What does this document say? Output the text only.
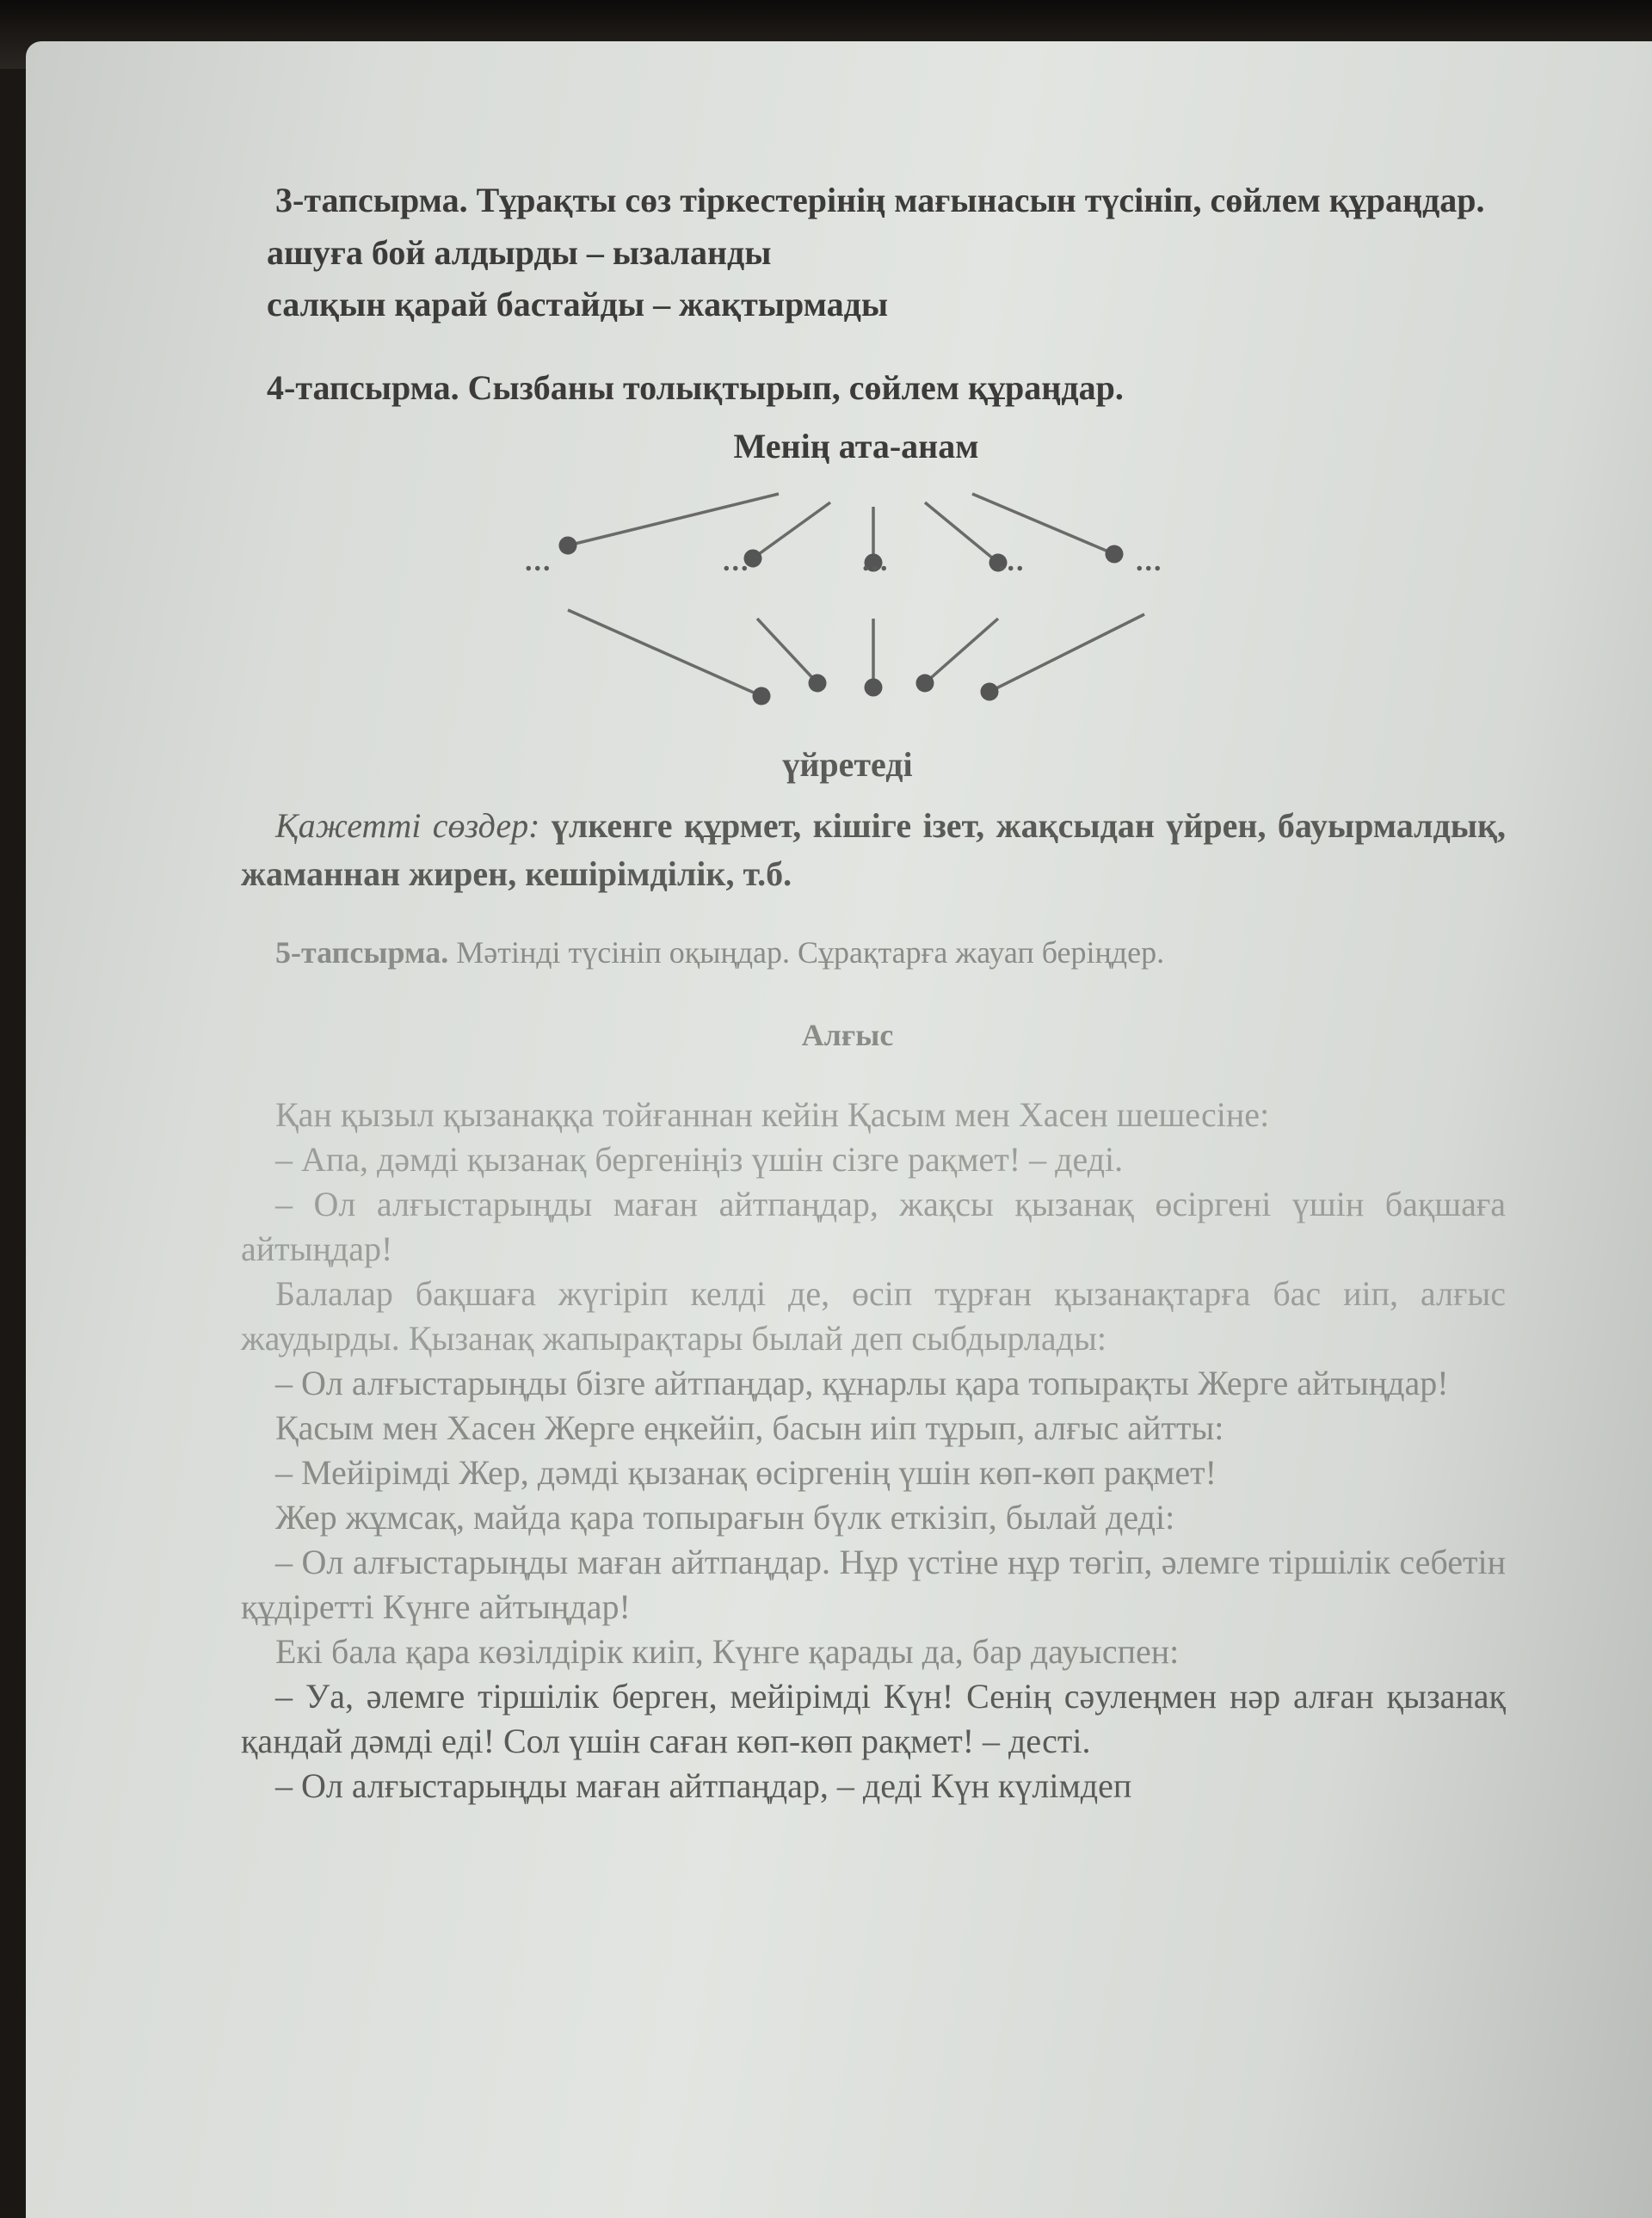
3-тапсырма. Тұрақты сөз тіркестерінің мағынасын түсініп, сөйлем құраңдар.

ашуға бой алдырды – ызаланды

салқын қарай бастайды – жақтырмады

4-тапсырма. Сызбаны толықтырып, сөйлем құраңдар.

Менің ата-анам

...	...	...	...	...

үйретеді

Қажетті сөздер: үлкенге құрмет, кішіге ізет, жақсыдан үйрен, бауырмалдық, жаманнан жирен, кешірімділік, т.б.

5-тапсырма. Мәтінді түсініп оқыңдар. Сұрақтарға жауап беріңдер.

Алғыс

Қан қызыл қызанаққа тойғаннан кейін Қасым мен Хасен шешесіне:

– Апа, дәмді қызанақ бергеніңіз үшін сізге рақмет! – деді.

– Ол алғыстарыңды маған айтпаңдар, жақсы қызанақ өсіргені үшін бақшаға айтыңдар!

Балалар бақшаға жүгіріп келді де, өсіп тұрған қызанақтарға бас иіп, алғыс жаудырды. Қызанақ жапырақтары былай деп сыбдырлады:

– Ол алғыстарыңды бізге айтпаңдар, құнарлы қара топырақты Жерге айтыңдар!

Қасым мен Хасен Жерге еңкейіп, басын иіп тұрып, алғыс айтты:

– Мейірімді Жер, дәмді қызанақ өсіргенің үшін көп-көп рақмет!

Жер жұмсақ, майда қара топырағын бүлк еткізіп, былай деді:

– Ол алғыстарыңды маған айтпаңдар. Нұр үстіне нұр төгіп, әлемге тіршілік себетін құдіретті Күнге айтыңдар!

Екі бала қара көзілдірік киіп, Күнге қарады да, бар дауыспен:

– Уа, әлемге тіршілік берген, мейірімді Күн! Сенің сәулеңмен нәр алған қызанақ қандай дәмді еді! Сол үшін саған көп-көп рақмет! – десті.

– Ол алғыстарыңды маған айтпаңдар, – деді Күн күлімдеп
